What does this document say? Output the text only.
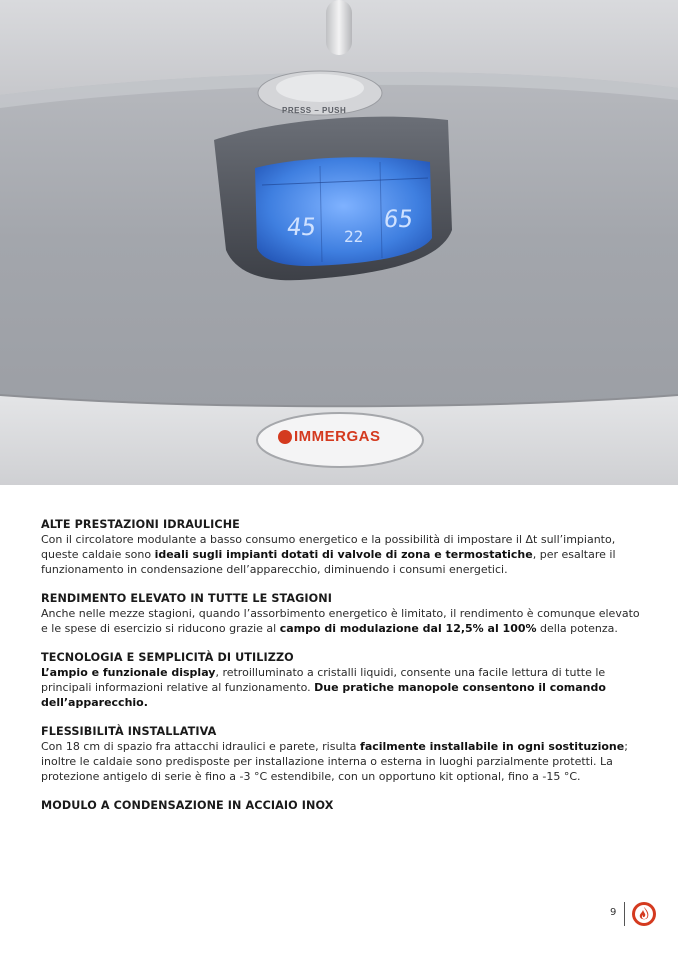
PRESS – PUSH
45 22
65
IMMERGAS
ALTE PRESTAZIONI IDRAULICHE
Con il circolatore modulante a basso consumo energetico e la possibilità di impostare il Δt sull’impianto, queste caldaie sono ideali sugli impianti dotati di valvole di zona e termostatiche, per esaltare il funzionamento in condensazione dell’apparecchio, diminuendo i consumi energetici.
RENDIMENTO ELEVATO IN TUTTE LE STAGIONI
Anche nelle mezze stagioni, quando l’assorbimento energetico è limitato, il rendimento è comunque elevato e le spese di esercizio si riducono grazie al campo di modulazione dal 12,5% al 100% della potenza.
TECNOLOGIA E SEMPLICITÀ DI UTILIZZO
L’ampio e funzionale display, retroilluminato a cristalli liquidi, consente una facile lettura di tutte le principali informazioni relative al funzionamento. Due pratiche manopole consentono il comando dell’apparecchio.
FLESSIBILITÀ INSTALLATIVA
Con 18 cm di spazio fra attacchi idraulici e parete, risulta facilmente installabile in ogni sostituzione; inoltre le caldaie sono predisposte per installazione interna o esterna in luoghi parzialmente protetti. La protezione antigelo di serie è fino a -3 °C estendibile, con un opportuno kit optional, fino a -15 °C.
MODULO A CONDENSAZIONE IN ACCIAIO INOX
9
